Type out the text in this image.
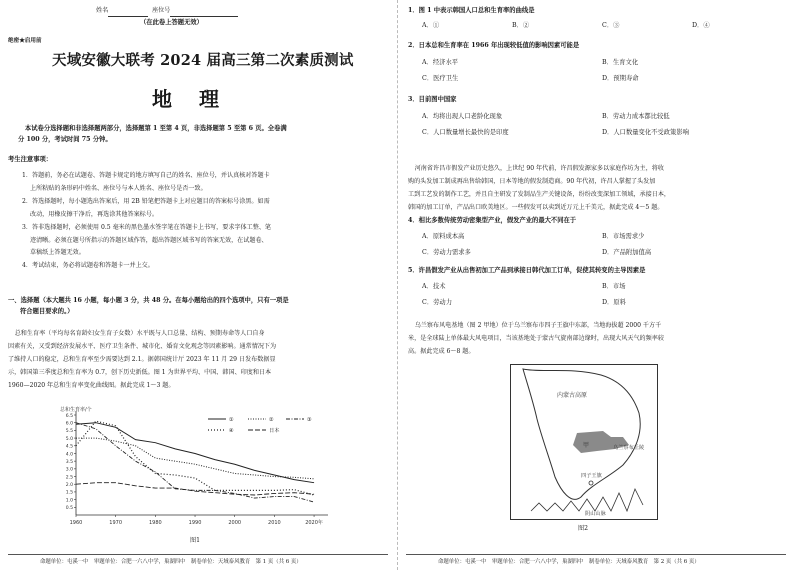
姓名	座位号
（在此卷上答题无效）
绝密★启用前
天域安徽大联考 2024 届高三第二次素质测试
地 理
本试卷分选择题和非选择题两部分，选择题第 1 至第 4 页，非选择题第 5 至第 6 页。全卷满
分 100 分，考试时间 75 分钟。
考生注意事项：
1．答题前，务必在试题卷、答题卡规定的地方填写自己的姓名、座位号，并认真核对答题卡
上所粘贴的条形码中姓名、座位号与本人姓名、座位号是否一致。
2．答选择题时，每小题选出答案后，用 2B 铅笔把答题卡上对应题目的答案标号涂黑。如需
改动，用橡皮擦干净后，再选涂其他答案标号。
3．答非选择题时，必须使用 0.5 毫米的黑色墨水签字笔在答题卡上书写，要求字体工整、笔
迹清晰。必须在题号所指示的答题区域作答，超出答题区域书写的答案无效，在试题卷、
草稿纸上答题无效。
4．考试结束，务必将试题卷和答题卡一并上交。
一、选择题（本大题共 16 小题，每小题 3 分，共 48 分。在每小题给出的四个选项中，只有一项是
符合题目要求的。）
总和生育率（平均每名育龄妇女生育子女数）水平既与人口总量、结构、预期寿命等人口自身
因素有关，又受到经济发展水平、医疗卫生条件、城市化、婚育文化观念等因素影响。通常情况下为
了维持人口的稳定，总和生育率至少需要达到 2.1。据韩国统计厅 2023 年 11 月 29 日发布数据显
示，韩国第三季度总和生育率为 0.7，创下历史新低。图 1 为世界平均、中国、韩国、印度和日本
1960—2020 年总和生育率变化曲线图。据此完成 1～3 题。
总和生育率/个
0.5
1.0
1.5
2.0
2.5
3.0
3.5
4.0
4.5
5.0
5.5
6.0
6.5
1960	1970	1980	1990	2000	2010	2020年
①	②	③
④	日本
图1
命题单位：屯溪一中　审题单位：合肥一六八中学，巢湖四中　制卷单位：天域泰风教育　第 1 页（共 6 页）
1．图 1 中表示韩国人口总和生育率的曲线是
A．①	B．②	C．③	D．④
2．日本总和生育率在 1966 年出现较低值的影响因素可能是
A．经济水平	B．生育文化
C．医疗卫生	D．预期寿命
3．目前图中国家
A．均将出现人口老龄化现象	B．劳动力成本都比较低
C．人口数量增长最快的是印度	D．人口数量变化不受政策影响
河南省许昌市假发产业历史悠久，上世纪 90 年代前，许昌假发源家多以家庭作坊为主，将收
购的头发加工制成再出售给韩国，日本等地的假发制造商。90 年代初，许昌人掌握了头发加
工到工艺发的制作工艺，并且自主研发了发制品生产关键设备，纷纷改变深加工领域，承接日本，
韩国的加工订单，产品出口欧美地区。一些假发可以卖到近万元上千美元，据此完成 4～5 题。
4．相比多数传统劳动密集型产业，假发产业的最大不同在于
A．原料成本高	B．市场需求少
C．劳动力需求多	D．产品附加值高
5．许昌假发产业从出售初加工产品到承接日韩代加工订单，促使其转变的主导因素是
A．技术	B．市场
C．劳动力	D．原料
乌兰察布风电基地（图 2 甲地）位于乌兰察布市四子王旗中东部，当地海拔超 2000 千方千
米，是全球陆上单体最大风电项目，当该基地处于蒙古气旋南部边缘时，出现大风天气的频率较
高。据此完成 6～8 题。
内蒙古高原
甲	乌兰察布丘陵
四子王旗
阴山山脉
图2
命题单位：屯溪一中　审题单位：合肥一六八中学，巢湖四中　制卷单位：天域泰风教育　第 2 页（共 6 页）
